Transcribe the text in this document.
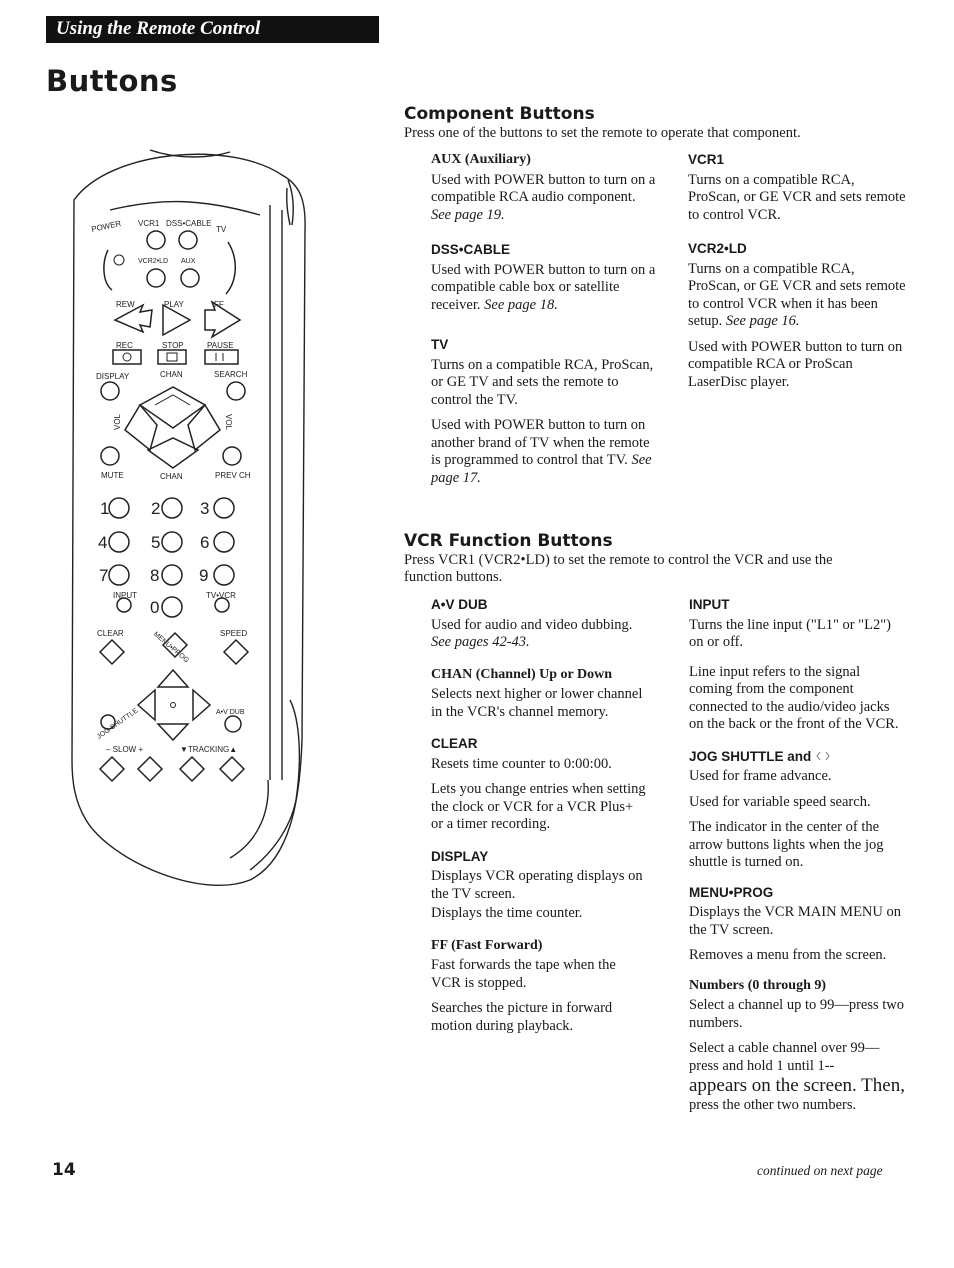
Using the Remote Control
Buttons
POWER VCR1 DSS•CABLE
TV
VCR2•LD AUX
REW	PLAY	FF
REC	STOP	PAUSE
DISPLAY	CHAN	SEARCH
VOL	VOL
MUTE	CHAN	PREV CH
1 2 3
4	5 6
7 8 9
0
INPUT	TV•VCR
CLEAR	MENU•PROG	SPEED
JOG SHUTTLE	A•V DUB
– SLOW +	▼TRACKING▲
Component Buttons
Press one of the buttons to set the remote to operate that component.
AUX (Auxiliary)

Used with POWER button to turn on a compatible RCA audio component. See page 19.

DSS•CABLE

Used with POWER button to turn on a compatible cable box or satellite receiver. See page 18.

TV

Turns on a compatible RCA, ProScan, or GE TV and sets the remote to control the TV.

Used with POWER button to turn on another brand of TV when the remote is programmed to control that TV. See page 17.

VCR1

Turns on a compatible RCA, ProScan, or GE VCR and sets remote to control VCR.

VCR2•LD

Turns on a compatible RCA, ProScan, or GE VCR and sets remote to control VCR when it has been setup. See page 16.

Used with POWER button to turn on compatible RCA or ProScan LaserDisc player.

VCR Function Buttons
Press VCR1 (VCR2•LD) to set the remote to control the VCR and use the function buttons.
A•V DUB

Used for audio and video dubbing. See pages 42-43.

CHAN (Channel) Up or Down

Selects next higher or lower channel in the VCR's channel memory.

CLEAR

Resets time counter to 0:00:00.

Lets you change entries when setting the clock or VCR for a VCR Plus+ or a timer recording.

DISPLAY

Displays VCR operating displays on the TV screen.

Displays the time counter.

FF (Fast Forward)

Fast forwards the tape when the VCR is stopped.

Searches the picture in forward motion during playback.

INPUT

Turns the line input ("L1" or "L2") on or off.

Line input refers to the signal coming from the component connected to the audio/video jacks on the back or the front of the VCR.

JOG SHUTTLE and

Used for frame advance.

Used for variable speed search.

The indicator in the center of the arrow buttons lights when the jog shuttle is turned on.

MENU•PROG

Displays the VCR MAIN MENU on the TV screen.

Removes a menu from the screen.

Numbers (0 through 9)

Select a channel up to 99—press two numbers.

Select a cable channel over 99—press and hold 1 until 1--

appears on the screen. Then,

press the other two numbers.

14	continued on next page
